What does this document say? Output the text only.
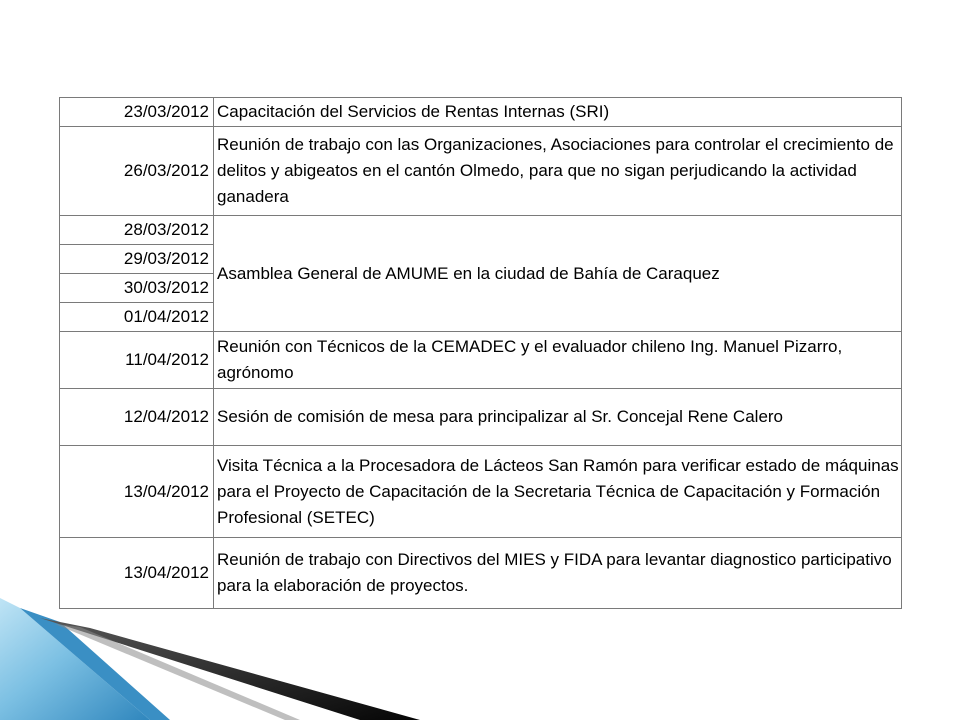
23/03/2012	Capacitación del Servicios de Rentas Internas (SRI)
26/03/2012	Reunión de trabajo con las Organizaciones, Asociaciones para controlar el crecimiento de delitos y abigeatos en el cantón Olmedo, para que no sigan perjudicando la actividad ganadera
28/03/2012	Asamblea General de AMUME en la ciudad de Bahía de Caraquez
29/03/2012	
30/03/2012	
01/04/2012	
11/04/2012	Reunión con Técnicos de la CEMADEC y el evaluador chileno Ing. Manuel Pizarro, agrónomo
12/04/2012	Sesión de comisión de mesa para principalizar al Sr. Concejal Rene Calero
13/04/2012	Visita Técnica a la Procesadora de Lácteos San Ramón para verificar estado de máquinas para el Proyecto de Capacitación de la Secretaria Técnica de Capacitación y Formación Profesional (SETEC)
13/04/2012	Reunión de trabajo con Directivos del MIES y FIDA para levantar diagnostico participativo para la elaboración de proyectos.
